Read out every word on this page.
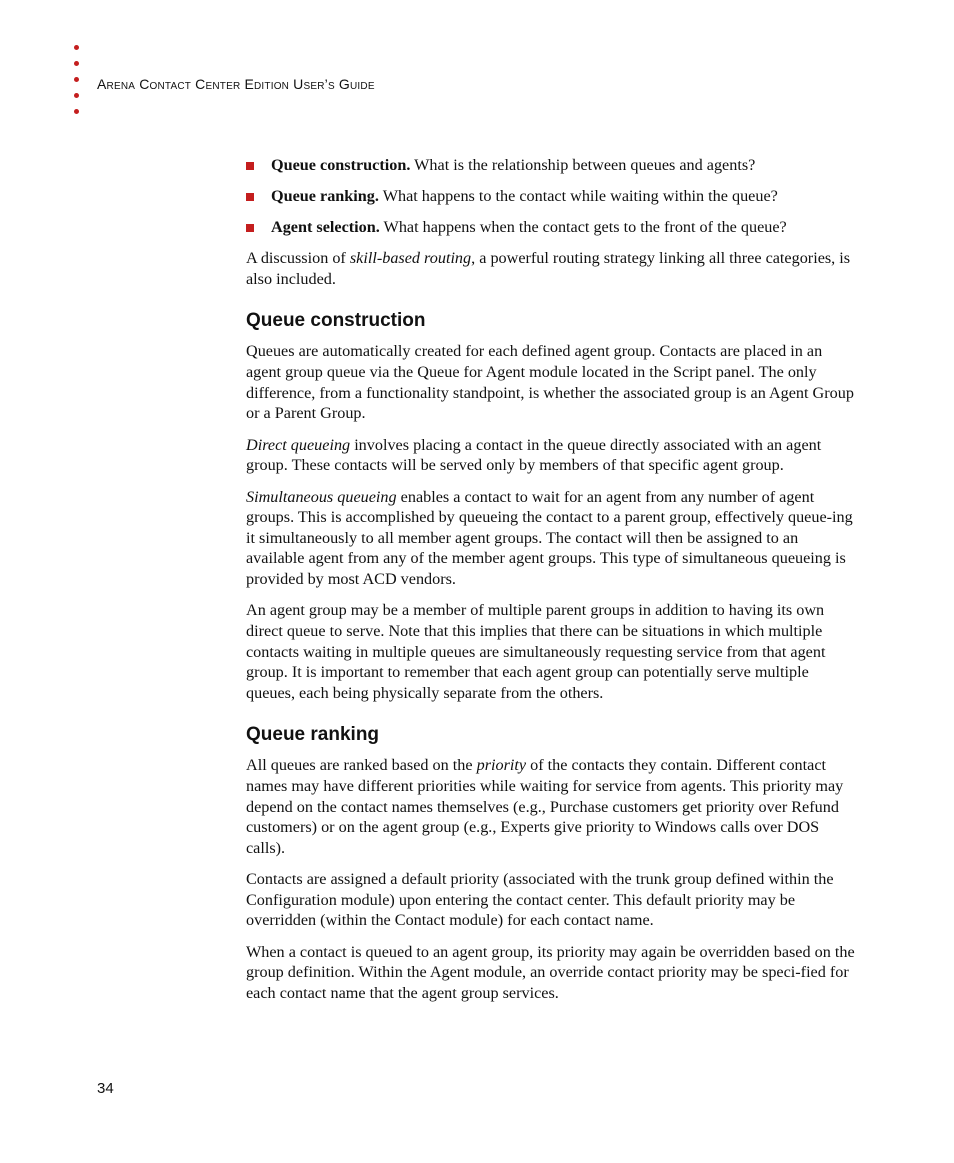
Arena Contact Center Edition User’s Guide
Queue construction. What is the relationship between queues and agents?
Queue ranking. What happens to the contact while waiting within the queue?
Agent selection. What happens when the contact gets to the front of the queue?

A discussion of skill-based routing, a powerful routing strategy linking all three categories, is also included.

Queue construction

Queues are automatically created for each defined agent group. Contacts are placed in an agent group queue via the Queue for Agent module located in the Script panel. The only difference, from a functionality standpoint, is whether the associated group is an Agent Group or a Parent Group.

Direct queueing involves placing a contact in the queue directly associated with an agent group. These contacts will be served only by members of that specific agent group.

Simultaneous queueing enables a contact to wait for an agent from any number of agent groups. This is accomplished by queueing the contact to a parent group, effectively queue-ing it simultaneously to all member agent groups. The contact will then be assigned to an available agent from any of the member agent groups. This type of simultaneous queueing is provided by most ACD vendors.

An agent group may be a member of multiple parent groups in addition to having its own direct queue to serve. Note that this implies that there can be situations in which multiple contacts waiting in multiple queues are simultaneously requesting service from that agent group. It is important to remember that each agent group can potentially serve multiple queues, each being physically separate from the others.

Queue ranking

All queues are ranked based on the priority of the contacts they contain. Different contact names may have different priorities while waiting for service from agents. This priority may depend on the contact names themselves (e.g., Purchase customers get priority over Refund customers) or on the agent group (e.g., Experts give priority to Windows calls over DOS calls).

Contacts are assigned a default priority (associated with the trunk group defined within the Configuration module) upon entering the contact center. This default priority may be overridden (within the Contact module) for each contact name.

When a contact is queued to an agent group, its priority may again be overridden based on the group definition. Within the Agent module, an override contact priority may be speci-fied for each contact name that the agent group services.

34
